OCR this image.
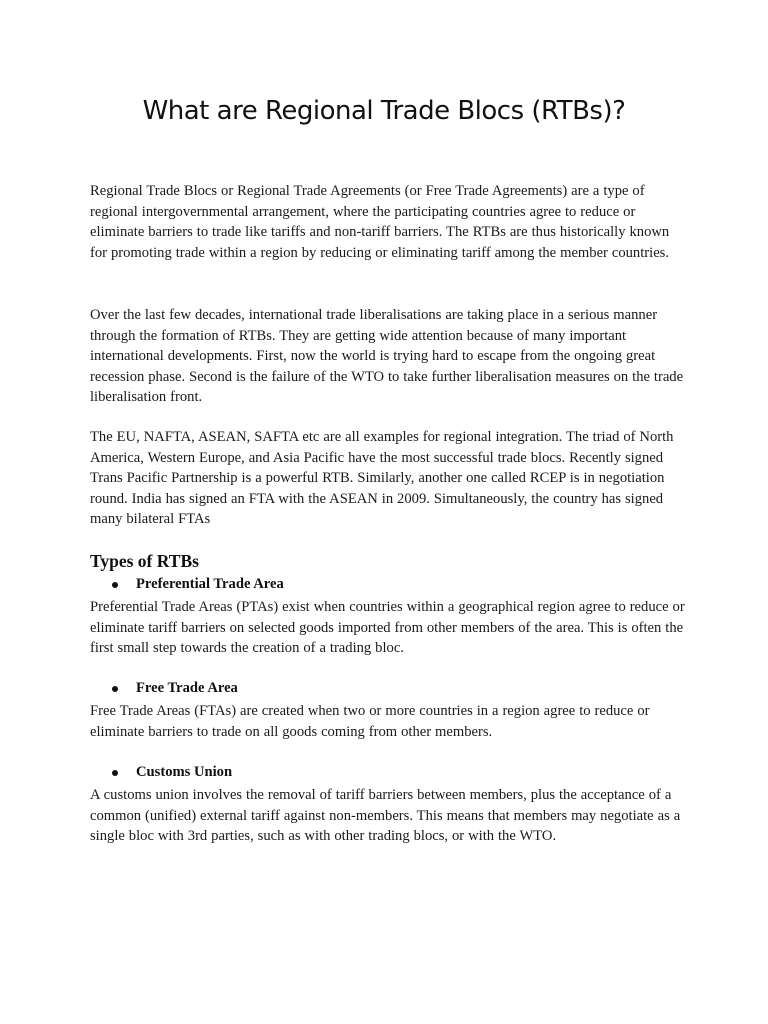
What are Regional Trade Blocs (RTBs)?

Regional Trade Blocs or Regional Trade Agreements (or Free Trade Agreements) are a type of regional intergovernmental arrangement, where the participating countries agree to reduce or eliminate barriers to trade like tariffs and non-tariff barriers. The RTBs are thus historically known for promoting trade within a region by reducing or eliminating tariff among the member countries.

Over the last few decades, international trade liberalisations are taking place in a serious manner through the formation of RTBs. They are getting wide attention because of many important international developments. First, now the world is trying hard to escape from the ongoing great recession phase. Second is the failure of the WTO to take further liberalisation measures on the trade liberalisation front.

The EU, NAFTA, ASEAN, SAFTA etc are all examples for regional integration. The triad of North America, Western Europe, and Asia Pacific have the most successful trade blocs. Recently signed Trans Pacific Partnership is a powerful RTB. Similarly, another one called RCEP is in negotiation round. India has signed an FTA with the ASEAN in 2009. Simultaneously, the country has signed many bilateral FTAs

Types of RTBs
Preferential Trade Area

Preferential Trade Areas (PTAs) exist when countries within a geographical region agree to reduce or eliminate tariff barriers on selected goods imported from other members of the area. This is often the first small step towards the creation of a trading bloc.

Free Trade Area

Free Trade Areas (FTAs) are created when two or more countries in a region agree to reduce or eliminate barriers to trade on all goods coming from other members.

Customs Union

A customs union involves the removal of tariff barriers between members, plus the acceptance of a common (unified) external tariff against non-members. This means that members may negotiate as a single bloc with 3rd parties, such as with other trading blocs, or with the WTO.
